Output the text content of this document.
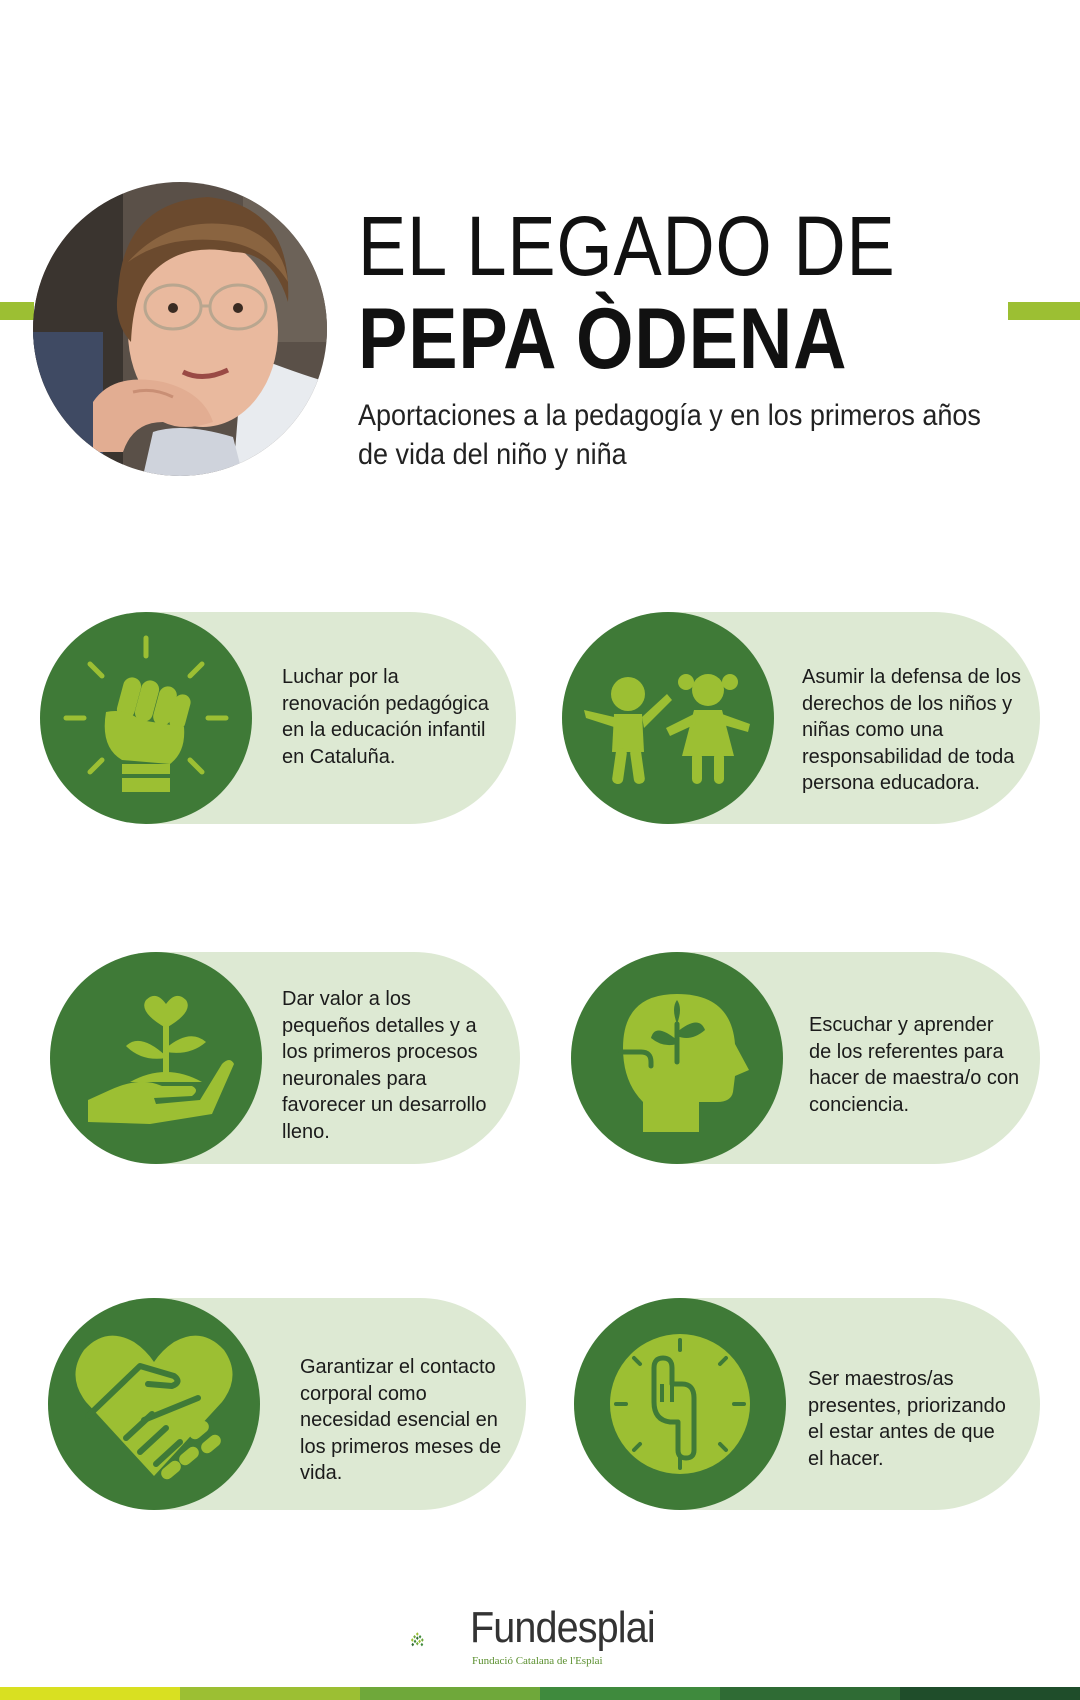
EL LEGADO DE
PEPA ÒDENA
Aportaciones a la pedagogía y en los primeros años de vida del niño y niña
Luchar por la renovación pedagógica en la educación infantil en Cataluña.
Asumir la defensa de los derechos de los niños y niñas como una responsabilidad de toda persona educadora.
Dar valor a los pequeños detalles y a los primeros procesos neuronales para favorecer un desarrollo lleno.
Escuchar y aprender de los referentes para hacer de maestra/o con conciencia.
Garantizar el contacto corporal como necesidad esencial en los primeros meses de vida.
Ser maestros/as presentes, priorizando el estar antes de que el hacer.
Fundesplai
Fundació Catalana de l'Esplai
